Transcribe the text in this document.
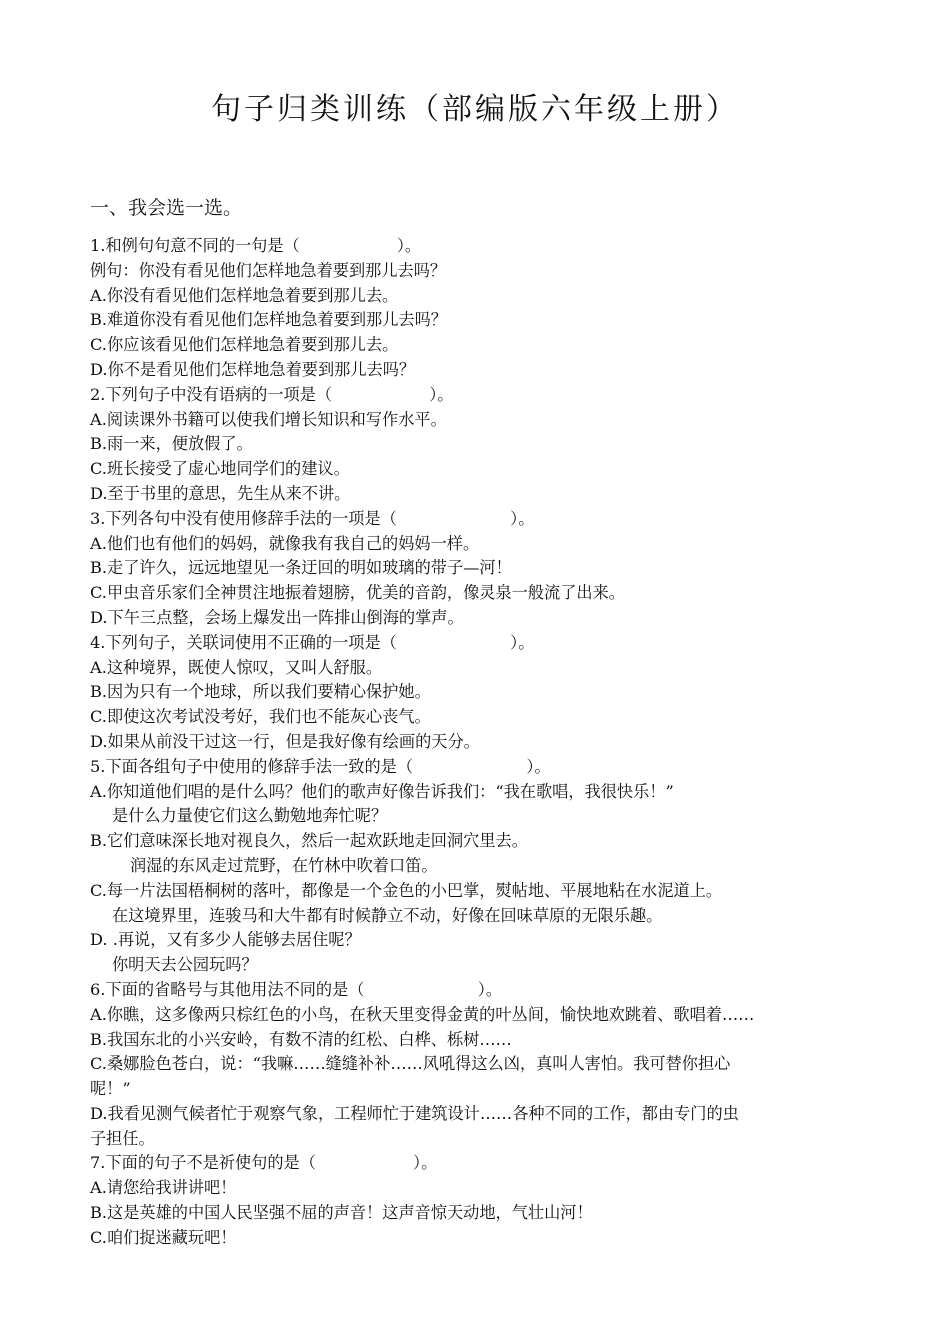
句子归类训练（部编版六年级上册）
一、我会选一选。
1.和例句句意不同的一句是（　　　　　　）。
例句：你没有看见他们怎样地急着要到那儿去吗？
A.你没有看见他们怎样地急着要到那儿去。
B.难道你没有看见他们怎样地急着要到那儿去吗？
C.你应该看见他们怎样地急着要到那儿去。
D.你不是看见他们怎样地急着要到那儿去吗？
2.下列句子中没有语病的一项是（　　　　　　）。
A.阅读课外书籍可以使我们增长知识和写作水平。
B.雨一来，便放假了。
C.班长接受了虚心地同学们的建议。
D.至于书里的意思，先生从来不讲。
3.下列各句中没有使用修辞手法的一项是（　　　　　　　）。
A.他们也有他们的妈妈，就像我有我自己的妈妈一样。
B.走了许久，远远地望见一条迂回的明如玻璃的带子—河！
C.甲虫音乐家们全神贯注地振着翅膀，优美的音韵，像灵泉一般流了出来。
D.下午三点整，会场上爆发出一阵排山倒海的掌声。
4.下列句子，关联词使用不正确的一项是（　　　　　　　）。
A.这种境界，既使人惊叹，又叫人舒服。
B.因为只有一个地球，所以我们要精心保护她。
C.即使这次考试没考好，我们也不能灰心丧气。
D.如果从前没干过这一行，但是我好像有绘画的天分。
5.下面各组句子中使用的修辞手法一致的是（　　　　　　　）。
A.你知道他们唱的是什么吗？他们的歌声好像告诉我们：“我在歌唱，我很快乐！”
是什么力量使它们这么勤勉地奔忙呢？
B.它们意味深长地对视良久，然后一起欢跃地走回洞穴里去。
润湿的东风走过荒野，在竹林中吹着口笛。
C.每一片法国梧桐树的落叶，都像是一个金色的小巴掌，熨帖地、平展地粘在水泥道上。
在这境界里，连骏马和大牛都有时候静立不动，好像在回味草原的无限乐趣。
D. .再说，又有多少人能够去居住呢？
你明天去公园玩吗？
6.下面的省略号与其他用法不同的是（　　　　　　　）。
A.你瞧，这多像两只棕红色的小鸟，在秋天里变得金黄的叶丛间，愉快地欢跳着、歌唱着……
B.我国东北的小兴安岭，有数不清的红松、白桦、栎树……
C.桑娜脸色苍白，说：“我嘛……缝缝补补……风吼得这么凶，真叫人害怕。我可替你担心
呢！”
D.我看见测气候者忙于观察气象，工程师忙于建筑设计……各种不同的工作，都由专门的虫
子担任。
7.下面的句子不是祈使句的是（　　　　　　）。
A.请您给我讲讲吧！
B.这是英雄的中国人民坚强不屈的声音！这声音惊天动地，气壮山河！
C.咱们捉迷藏玩吧！
